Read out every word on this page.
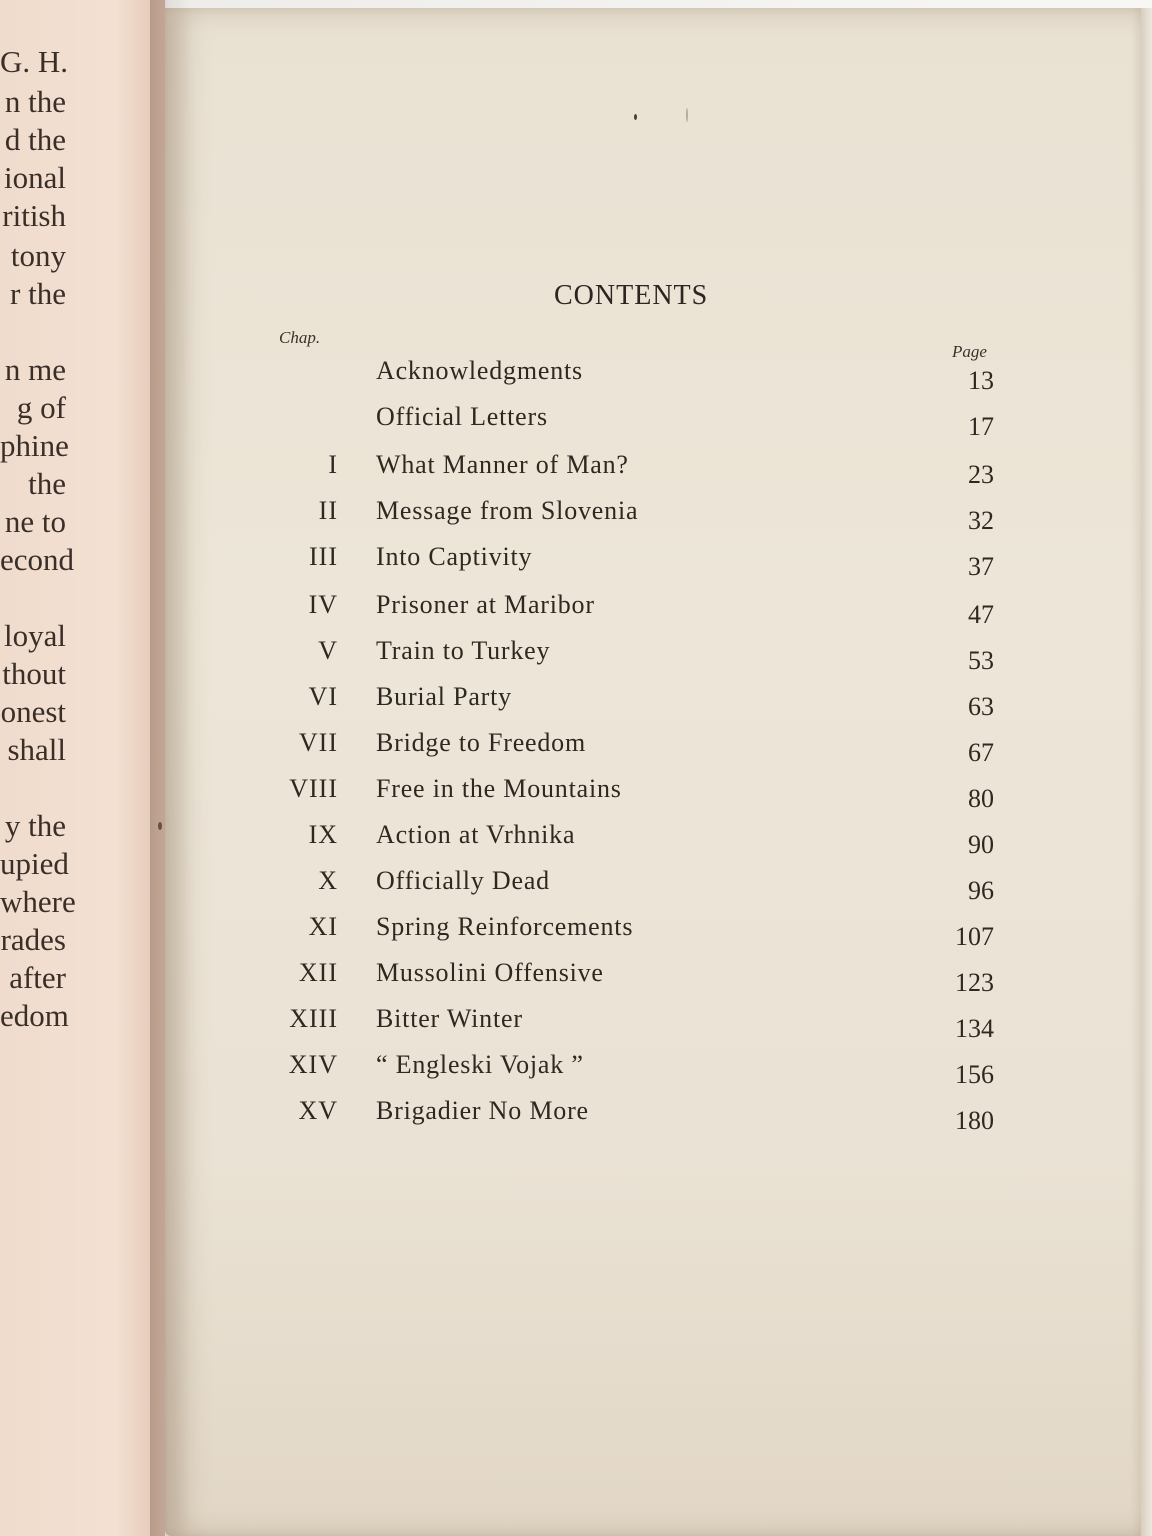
G. H.
n the
d the
ional
ritish
tony
r the
n me
g of
phine
the
ne to
econd
loyal
thout
onest
shall
y the
upied
where
rades
after
edom
CONTENTS
Chap.
Page
Acknowledgments	13
Official Letters	17
I What Manner of Man?	23
II Message from Slovenia	32
III Into Captivity	37
IV Prisoner at Maribor	47
V Train to Turkey	53
VI Burial Party	63
VII Bridge to Freedom	67
VIII Free in the Mountains	80
IX Action at Vrhnika	90
X Officially Dead	96
XI Spring Reinforcements	107
XII Mussolini Offensive	123
XIII Bitter Winter	134
XIV “ Engleski Vojak ”	156
XV Brigadier No More	180
